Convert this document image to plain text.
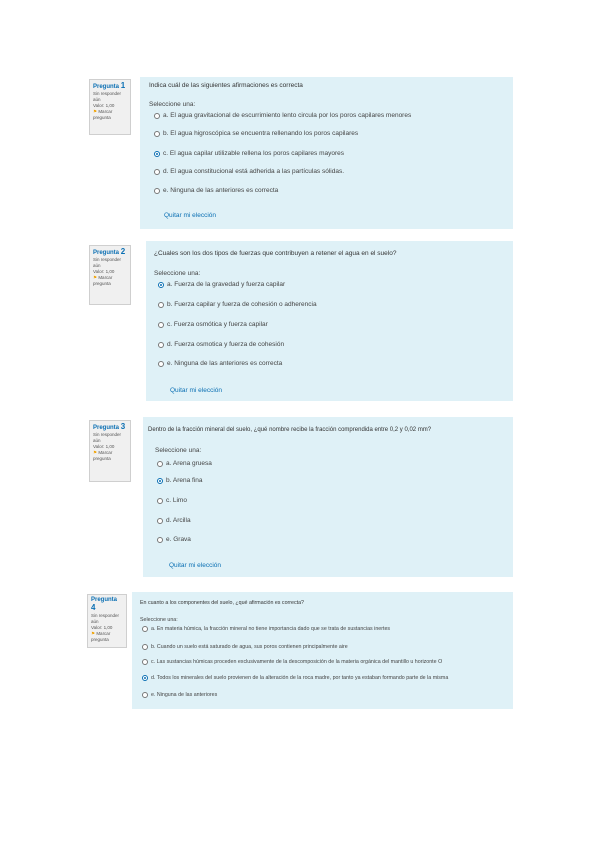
Pregunta 1
Sin responder aún
Valor: 1,00
⚑ Marcar pregunta
Indica cuál de las siguientes afirmaciones es correcta
Seleccione una:
a. El agua gravitacional de escurrimiento lento circula por los poros capilares menores
b. El agua higroscópica se encuentra rellenando los poros capilares
c. El agua capilar utilizable rellena los poros capilares mayores
d. El agua constitucional está adherida a las partículas sólidas.
e. Ninguna de las anteriores es correcta
Quitar mi elección
Pregunta 2
Sin responder aún
Valor: 1,00
⚑ Marcar pregunta
¿Cuales son los dos tipos de fuerzas que contribuyen a retener el agua en el suelo?
Seleccione una:
a. Fuerza de la gravedad y fuerza capilar
b. Fuerza capilar y fuerza de cohesión o adherencia
c. Fuerza osmótica y fuerza capilar
d. Fuerza osmotica y fuerza de cohesión
e. Ninguna de las anteriores es correcta
Quitar mi elección
Pregunta 3
Sin responder aún
Valor: 1,00
⚑ Marcar pregunta
Dentro de la fracción mineral del suelo, ¿qué nombre recibe la fracción comprendida entre 0,2 y 0,02 mm?
Seleccione una:
a. Arena gruesa
b. Arena fina
c. Limo
d. Arcilla
e. Grava
Quitar mi elección
Pregunta 4
Sin responder aún
Valor: 1,00
⚑ Marcar pregunta
En cuanto a los componentes del suelo, ¿qué afirmación es correcta?
Seleccione una:
a. En materia húmica, la fracción mineral no tiene importancia dado que se trata de sustancias inertes
b. Cuando un suelo está saturado de agua, sus poros contienen principalmente aire
c. Las sustancias húmicas proceden exclusivamente de la descomposición de la materia orgánica del mantillo u horizonte O
d. Todos los minerales del suelo provienen de la alteración de la roca madre, por tanto ya estaban formando parte de la misma
e. Ninguna de las anteriores
